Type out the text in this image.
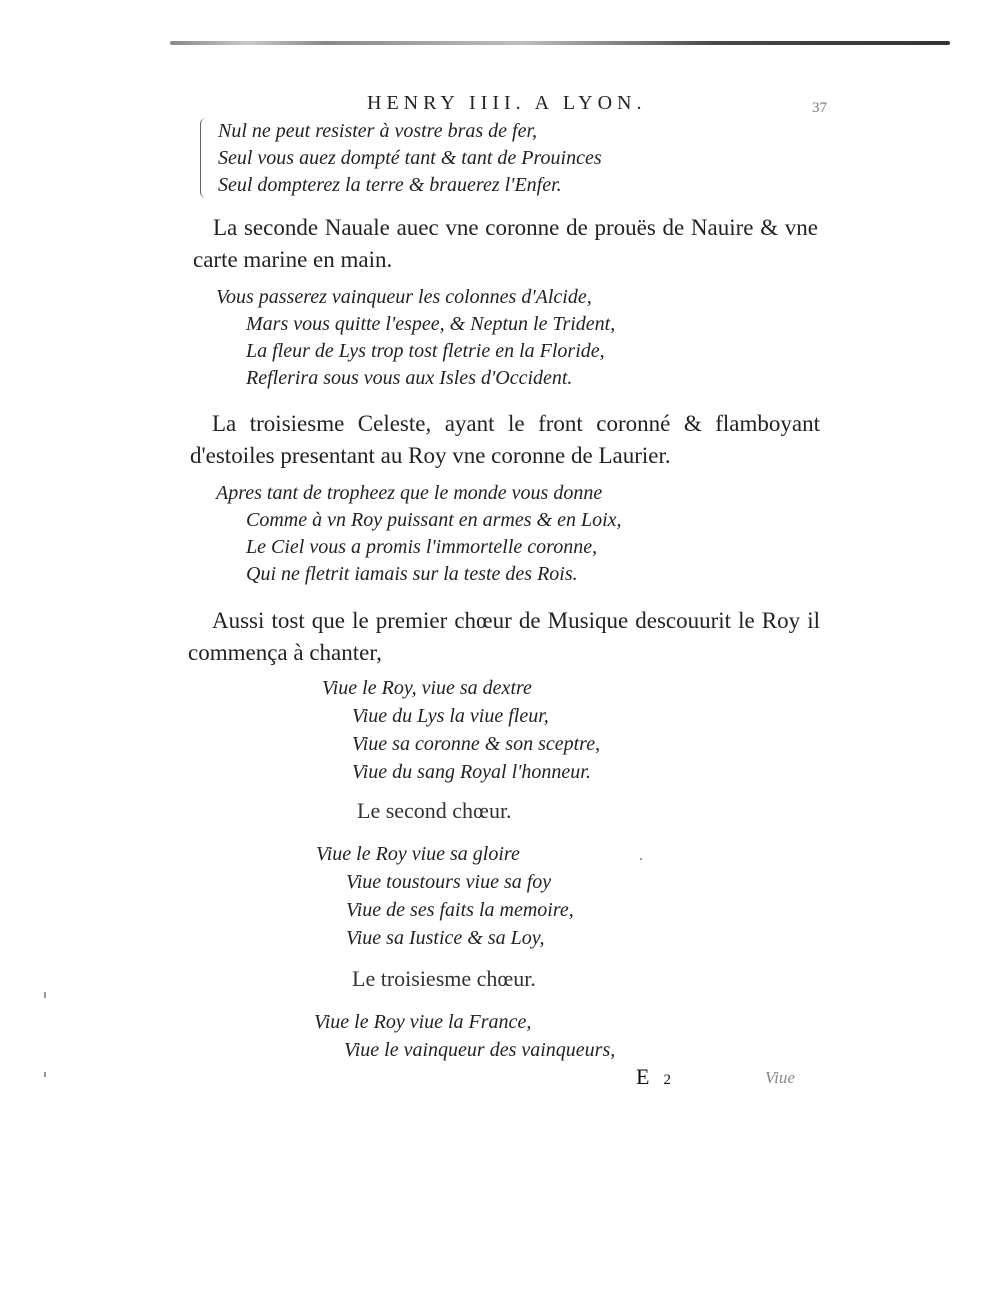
HENRY IIII. A LYON.	37
Nul ne peut resister à vostre bras de fer,
Seul vous auez dompté tant & tant de Prouinces
Seul dompterez la terre & brauerez l'Enfer.
La seconde Nauale auec vne coronne de prouës de Nauire & vne carte marine en main.
Vous passerez vainqueur les colonnes d'Alcide,
Mars vous quitte l'espee, & Neptun le Trident,
La fleur de Lys trop tost fletrie en la Floride,
Reflerira sous vous aux Isles d'Occident.
La troisiesme Celeste, ayant le front coronné & flamboyant d'estoiles presentant au Roy vne coronne de Laurier.
Apres tant de tropheez que le monde vous donne
Comme à vn Roy puissant en armes & en Loix,
Le Ciel vous a promis l'immortelle coronne,
Qui ne fletrit iamais sur la teste des Rois.
Aussi tost que le premier chœur de Musique descouurit le Roy il commença à chanter,
Viue le Roy, viue sa dextre
Viue du Lys la viue fleur,
Viue sa coronne & son sceptre,
Viue du sang Royal l'honneur.
Le second chœur.
Viue le Roy viue sa gloire
Viue toustours viue sa foy
Viue de ses faits la memoire,
Viue sa Iustice & sa Loy,
Le troisiesme chœur.
Viue le Roy viue la France,
Viue le vainqueur des vainqueurs,
E 2	Viue
